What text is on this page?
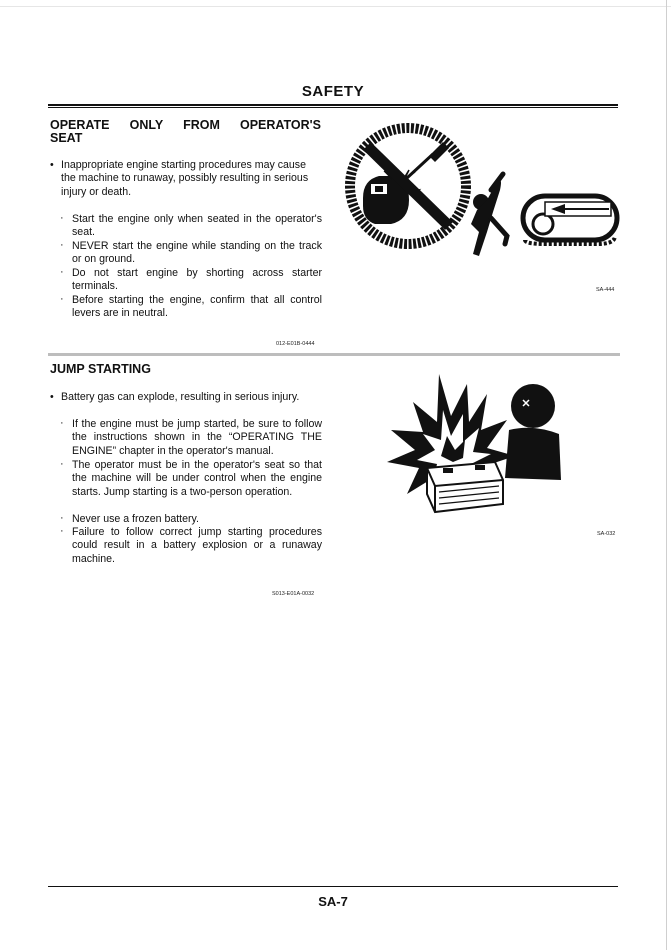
SAFETY
OPERATE ONLY FROM OPERATOR'S
SEAT
• Inappropriate engine starting procedures may cause the machine to runaway, possibly resulting in serious injury or death.
· Start the engine only when seated in the operator's seat.
· NEVER start the engine while standing on the track or on ground.
· Do not start engine by shorting across starter terminals.
· Before starting the engine, confirm that all control levers are in neutral.
012-E01B-0444
SA-444
JUMP STARTING
• Battery gas can explode, resulting in serious injury.
· If the engine must be jump started, be sure to follow the instructions shown in the “OPERATING THE ENGINE” chapter in the operator's manual.
· The operator must be in the operator's seat so that the machine will be under control when the engine starts. Jump starting is a two-person operation.
· Never use a frozen battery.
· Failure to follow correct jump starting procedures could result in a battery explosion or a runaway machine.
S013-E01A-0032
SA-032
SA-7
